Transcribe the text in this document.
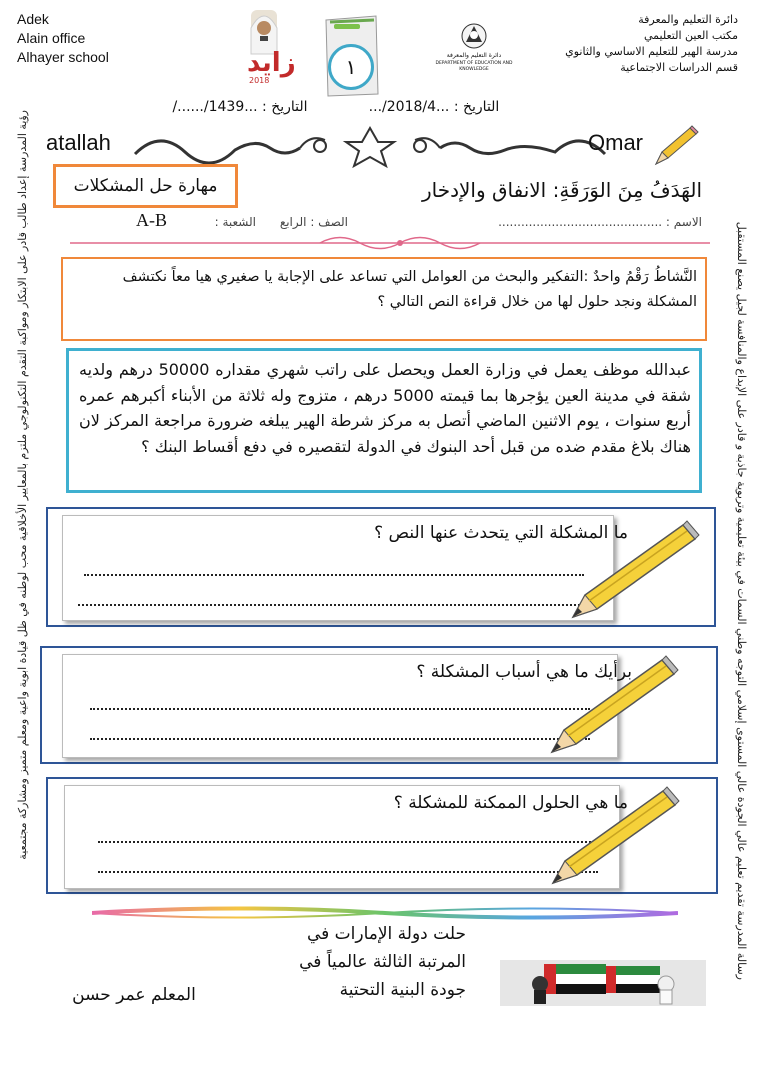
Adek
Alain office
Alhayer school
دائرة التعليم والمعرفة
مكتب العين التعليمي
مدرسة الهير للتعليم الاساسي والثانوي
قسم الدراسات الاجتماعية
زايد
2018
١	دائرة التعليم والمعرفة
DEPARTMENT OF EDUCATION AND KNOWLEDGE
التاريخ : ...1439/....../	التاريخ : ...2018/4/...
atallah	Omar
مهارة حل المشكلات	الهَدَفُ مِنَ الوَرَقَةِ: الانفاق والإدخار
الاسم : ...........................................
الصف : الرابع
الشعبة :
A-B
النَّشاطُ رَقْمُ واحدٌ :التفكير والبحث من العوامل التي تساعد على الإجابة يا صغيري هيا معاً نكتشف المشكلة ونجد حلول لها من خلال قراءة النص التالي ؟
عبدالله موظف يعمل في وزارة العمل ويحصل على راتب شهري مقداره 50000 درهم ولديه شقة في مدينة العين يؤجرها بما قيمته 5000 درهم ، متزوج وله ثلاثة من الأبناء أكبرهم عمره أربع سنوات ، يوم الاثنين الماضي أتصل به مركز شرطة الهير يبلغه ضرورة مراجعة المركز لان هناك بلاغ مقدم ضده من قبل أحد البنوك في الدولة لتقصيره في دفع أقساط البنك ؟
ما المشكلة التي يتحدث عنها النص ؟
برأيك ما هي أسباب المشكلة ؟
ما هي الحلول الممكنة للمشكلة ؟
حلت دولة الإمارات في
المرتبة الثالثة عالمياً في
جودة البنية التحتية
المعلم عمر حسن
رؤية المدرسة إعداد طالب قادر على الابتكار ومواكبة التقدم التكنولوجي ملتزم بالمعايير الأخلاقية محب لوطنه في ظل قيادة ابوية واعية ومعلم متميز ومشاركة مجتمعية	رسالة المدرسة تقديم تعليم عالي الجودة عالي المستوى إسلامي التوجه وطني السمات في بيئة تعليمية وتربوية جاذبة و قادر على الإبداع والمنافسة لجيل يصنع المستقبل
